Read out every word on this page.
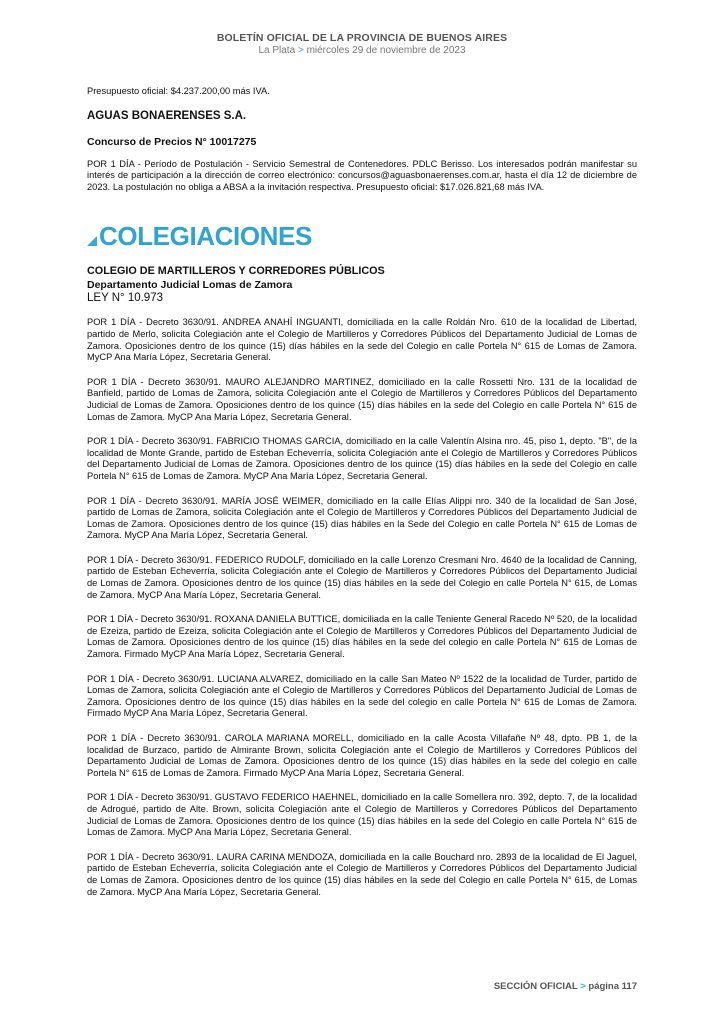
BOLETÍN OFICIAL DE LA PROVINCIA DE BUENOS AIRES
La Plata > miércoles 29 de noviembre de 2023

Presupuesto oficial: $4.237.200,00 más IVA.

AGUAS BONAERENSES S.A.
Concurso de Precios N° 10017275

POR 1 DÍA - Período de Postulación - Servicio Semestral de Contenedores. PDLC Berisso. Los interesados podrán manifestar su interés de participación a la dirección de correo electrónico: concursos@aguasbonaerenses.com.ar, hasta el día 12 de diciembre de 2023. La postulación no obliga a ABSA a la invitación respectiva. Presupuesto oficial: $17.026.821,68 más IVA.

COLEGIACIONES
COLEGIO DE MARTILLEROS Y CORREDORES PÚBLICOS
Departamento Judicial Lomas de Zamora
LEY N° 10.973

POR 1 DÍA - Decreto 3630/91. ANDREA ANAHÍ INGUANTI, domiciliada en la calle Roldán Nro. 610 de la localidad de Libertad, partido de Merlo, solicita Colegiación ante el Colegio de Martilleros y Corredores Públicos del Departamento Judicial de Lomas de Zamora. Oposiciones dentro de los quince (15) días hábiles en la sede del Colegio en calle Portela N° 615 de Lomas de Zamora. MyCP Ana María López, Secretaria General.

POR 1 DÍA - Decreto 3630/91. MAURO ALEJANDRO MARTINEZ, domiciliado en la calle Rossetti Nro. 131 de la localidad de Banfield, partido de Lomas de Zamora, solicita Colegiación ante el Colegio de Martilleros y Corredores Públicos del Departamento Judicial de Lomas de Zamora. Oposiciones dentro de los quince (15) días hábiles en la sede del Colegio en calle Portela N° 615 de Lomas de Zamora. MyCP Ana María López, Secretaria General.

POR 1 DÍA - Decreto 3630/91. FABRICIO THOMAS GARCIA, domiciliado en la calle Valentín Alsina nro. 45, piso 1, depto. "B", de la localidad de Monte Grande, partido de Esteban Echeverría, solicita Colegiación ante el Colegio de Martilleros y Corredores Públicos del Departamento Judicial de Lomas de Zamora. Oposiciones dentro de los quince (15) días hábiles en la sede del Colegio en calle Portela N° 615 de Lomas de Zamora. MyCP Ana María López, Secretaria General.

POR 1 DÍA - Decreto 3630/91. MARÍA JOSÉ WEIMER, domiciliado en la calle Elías Alippi nro. 340 de la localidad de San José, partido de Lomas de Zamora, solicita Colegiación ante el Colegio de Martilleros y Corredores Públicos del Departamento Judicial de Lomas de Zamora. Oposiciones dentro de los quince (15) días hábiles en la Sede del Colegio en calle Portela N° 615 de Lomas de Zamora. MyCP Ana María López, Secretaria General.

POR 1 DÍA - Decreto 3630/91. FEDERICO RUDOLF, domiciliado en la calle Lorenzo Cresmani Nro. 4640 de la localidad de Canning, partido de Esteban Echeverría, solicita Colegiación ante el Colegio de Martilleros y Corredores Públicos del Departamento Judicial de Lomas de Zamora. Oposiciones dentro de los quince (15) días hábiles en la sede del Colegio en calle Portela N° 615, de Lomas de Zamora. MyCP Ana María López, Secretaria General.

POR 1 DÍA - Decreto 3630/91. ROXANA DANIELA BUTTICE, domiciliada en la calle Teniente General Racedo Nº 520, de la localidad de Ezeiza, partido de Ezeiza, solicita Colegiación ante el Colegio de Martilleros y Corredores Públicos del Departamento Judicial de Lomas de Zamora. Oposiciones dentro de los quince (15) días hábiles en la sede del colegio en calle Portela N° 615 de Lomas de Zamora. Firmado MyCP Ana María López, Secretaria General.

POR 1 DÍA - Decreto 3630/91. LUCIANA ALVAREZ, domiciliado en la calle San Mateo Nº 1522 de la localidad de Turder, partido de Lomas de Zamora, solicita Colegiación ante el Colegio de Martilleros y Corredores Públicos del Departamento Judicial de Lomas de Zamora. Oposiciones dentro de los quince (15) días hábiles en la sede del colegio en calle Portela N° 615 de Lomas de Zamora. Firmado MyCP Ana María López, Secretaria General.

POR 1 DÍA - Decreto 3630/91. CAROLA MARIANA MORELL, domiciliado en la calle Acosta Villafañe Nº 48, dpto. PB 1, de la localidad de Burzaco, partido de Almirante Brown, solicita Colegiación ante el Colegio de Martilleros y Corredores Públicos del Departamento Judicial de Lomas de Zamora. Oposiciones dentro de los quince (15) días hábiles en la sede del colegio en calle Portela N° 615 de Lomas de Zamora. Firmado MyCP Ana María López, Secretaria General.

POR 1 DÍA - Decreto 3630/91. GUSTAVO FEDERICO HAEHNEL, domiciliado en la calle Somellera nro. 392, depto. 7, de la localidad de Adrogué, partido de Alte. Brown, solicita Colegiación ante el Colegio de Martilleros y Corredores Públicos del Departamento Judicial de Lomas de Zamora. Oposiciones dentro de los quince (15) días hábiles en la sede del Colegio en calle Portela N° 615 de Lomas de Zamora. MyCP Ana María López, Secretaria General.

POR 1 DÍA - Decreto 3630/91. LAURA CARINA MENDOZA, domiciliada en la calle Bouchard nro. 2893 de la localidad de El Jaguel, partido de Esteban Echeverría, solicita Colegiación ante el Colegio de Martilleros y Corredores Públicos del Departamento Judicial de Lomas de Zamora. Oposiciones dentro de los quince (15) días hábiles en la sede del Colegio en calle Portela N° 615, de Lomas de Zamora. MyCP Ana María López, Secretaria General.

SECCIÓN OFICIAL > página 117
